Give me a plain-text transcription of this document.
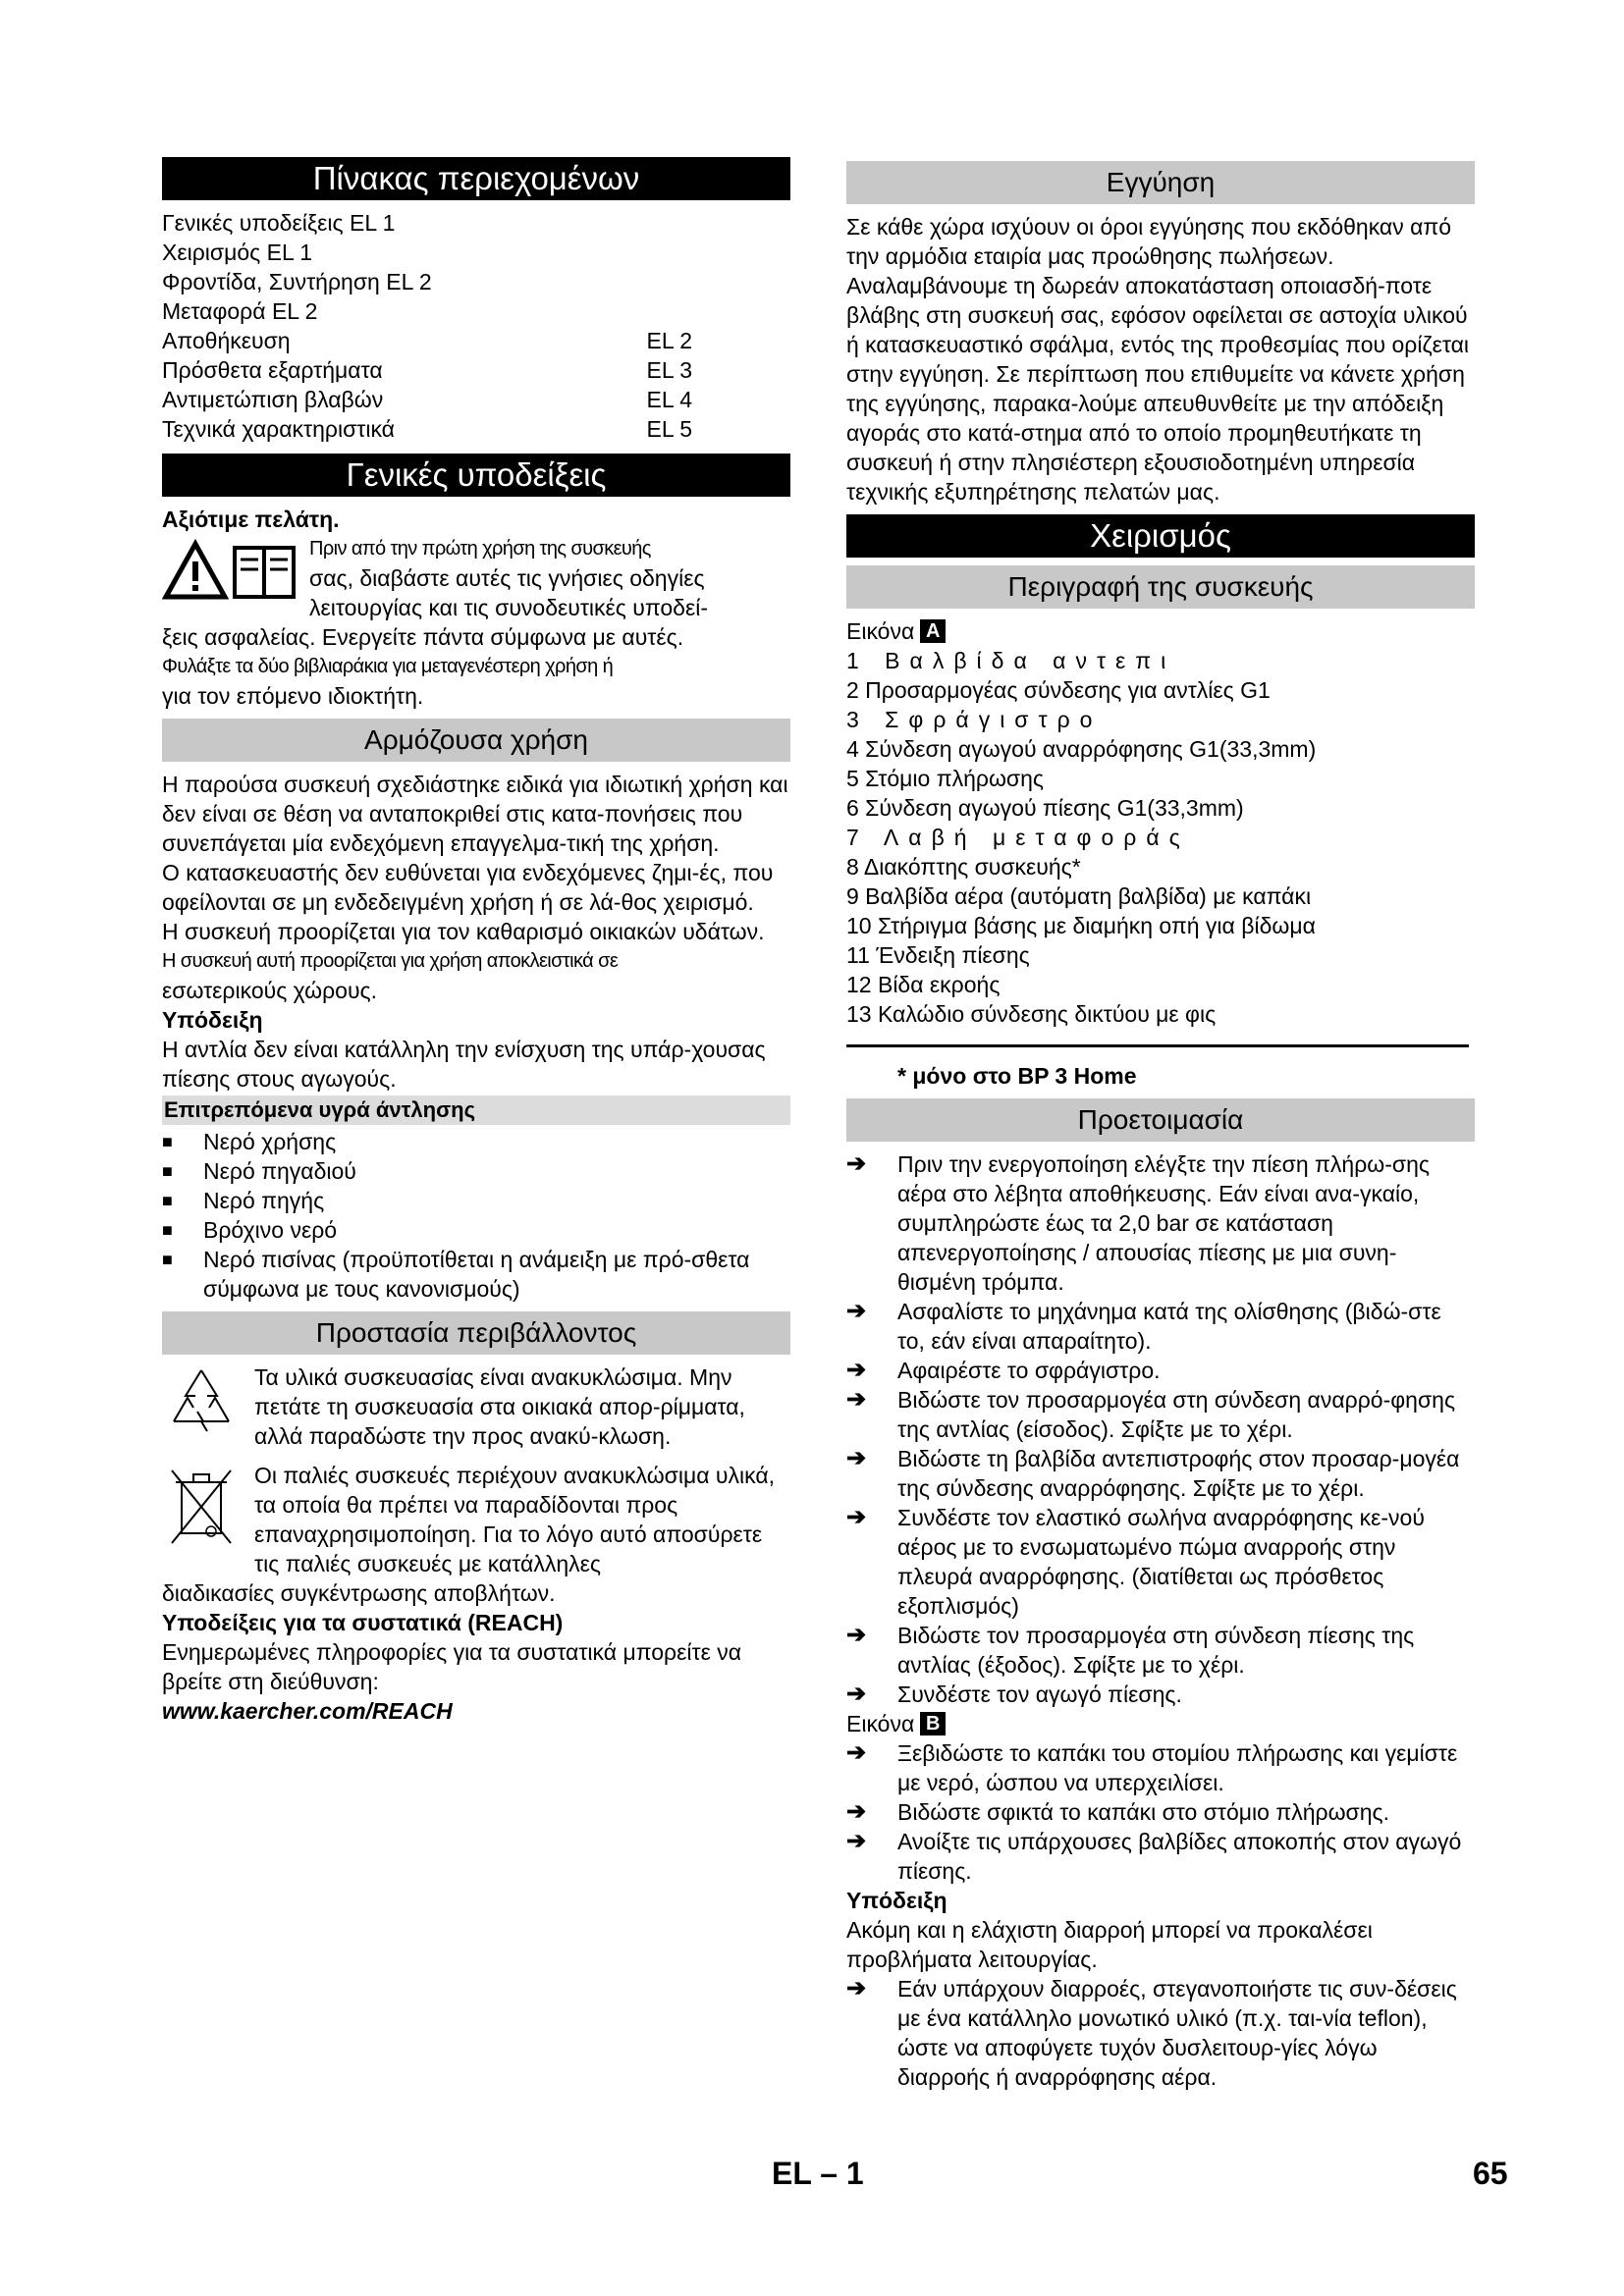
Πίνακας περιεχομένων
Γενικές υποδείξεις EL 1
Χειρισμός EL 1
Φροντίδα, Συντήρηση EL 2
Μεταφορά EL 2
Αποθήκευση	EL 2
Πρόσθετα εξαρτήματα	EL 3
Αντιμετώπιση βλαβών	EL 4
Τεχνικά χαρακτηριστικά	EL 5
Γενικές υποδείξεις
Αξιότιμε πελάτη.
Πριν από την πρώτη χρήση της συσκευής
σας, διαβάστε αυτές τις γνήσιες οδηγίες
λειτουργίας και τις συνοδευτικές υποδεί-
ξεις ασφαλείας. Ενεργείτε πάντα σύμφωνα με αυτές.
Φυλάξτε τα δύο βιβλιαράκια για μεταγενέστερη χρήση ή
για τον επόμενο ιδιοκτήτη.
Αρμόζουσα χρήση

Η παρούσα συσκευή σχεδιάστηκε ειδικά για ιδιωτική χρήση και δεν είναι σε θέση να ανταποκριθεί στις κατα-πονήσεις που συνεπάγεται μία ενδεχόμενη επαγγελμα-τική της χρήση.

Ο κατασκευαστής δεν ευθύνεται για ενδεχόμενες ζημι-ές, που οφείλονται σε μη ενδεδειγμένη χρήση ή σε λά-θος χειρισμό.

Η συσκευή προορίζεται για τον καθαρισμό οικιακών υδάτων.

Η συσκευή αυτή προορίζεται για χρήση αποκλειστικά σε
εσωτερικούς χώρους.
Υπόδειξη

Η αντλία δεν είναι κατάλληλη την ενίσχυση της υπάρ-χουσας πίεσης στους αγωγούς.

Επιτρεπόμενα υγρά άντλησης
■	Νερό χρήσης
■	Νερό πηγαδιού
■	Νερό πηγής
■	Βρόχινο νερό
■	Νερό πισίνας (προϋποτίθεται η ανάμειξη με πρό-σθετα σύμφωνα με τους κανονισμούς)
Προστασία περιβάλλοντος
Τα υλικά συσκευασίας είναι ανακυκλώσιμα. Μην πετάτε τη συσκευασία στα οικιακά απορ-ρίμματα, αλλά παραδώστε την προς ανακύ-κλωση.
Οι παλιές συσκευές περιέχουν ανακυκλώσιμα υλικά, τα οποία θα πρέπει να παραδίδονται προς επαναχρησιμοποίηση. Για το λόγο αυτό αποσύρετε τις παλιές συσκευές με κατάλληλες
διαδικασίες συγκέντρωσης αποβλήτων.
Υποδείξεις για τα συστατικά (REACH)

Ενημερωμένες πληροφορίες για τα συστατικά μπορείτε να βρείτε στη διεύθυνση:

www.kaercher.com/REACH
Εγγύηση

Σε κάθε χώρα ισχύουν οι όροι εγγύησης που εκδόθηκαν από την αρμόδια εταιρία μας προώθησης πωλήσεων. Αναλαμβάνουμε τη δωρεάν αποκατάσταση οποιασδή-ποτε βλάβης στη συσκευή σας, εφόσον οφείλεται σε αστοχία υλικού ή κατασκευαστικό σφάλμα, εντός της προθεσμίας που ορίζεται στην εγγύηση. Σε περίπτωση που επιθυμείτε να κάνετε χρήση της εγγύησης, παρακα-λούμε απευθυνθείτε με την απόδειξη αγοράς στο κατά-στημα από το οποίο προμηθευτήκατε τη συσκευή ή στην πλησιέστερη εξουσιοδοτημένη υπηρεσία τεχνικής εξυπηρέτησης πελατών μας.

Χειρισμός
Περιγραφή της συσκευής
Εικόνα A
1 Βαλβίδα αντεπι
2 Προσαρμογέας σύνδεσης για αντλίες G1
3 Σφράγιστρο
4 Σύνδεση αγωγού αναρρόφησης G1(33,3mm)
5 Στόμιο πλήρωσης
6 Σύνδεση αγωγού πίεσης G1(33,3mm)
7 Λαβή μεταφοράς
8 Διακόπτης συσκευής*
9 Βαλβίδα αέρα (αυτόματη βαλβίδα) με καπάκι
10 Στήριγμα βάσης με διαμήκη οπή για βίδωμα
11 Ένδειξη πίεσης
12 Βίδα εκροής
13 Καλώδιο σύνδεσης δικτύου με φις
* μόνο στο BP 3 Home
Προετοιμασία
➔	Πριν την ενεργοποίηση ελέγξτε την πίεση πλήρω-σης αέρα στο λέβητα αποθήκευσης. Εάν είναι ανα-γκαίο, συμπληρώστε έως τα 2,0 bar σε κατάσταση απενεργοποίησης / απουσίας πίεσης με μια συνη-θισμένη τρόμπα.
➔	Ασφαλίστε το μηχάνημα κατά της ολίσθησης (βιδώ-στε το, εάν είναι απαραίτητο).
➔	Αφαιρέστε το σφράγιστρο.
➔	Βιδώστε τον προσαρμογέα στη σύνδεση αναρρό-φησης της αντλίας (είσοδος). Σφίξτε με το χέρι.
➔	Βιδώστε τη βαλβίδα αντεπιστροφής στον προσαρ-μογέα της σύνδεσης αναρρόφησης. Σφίξτε με το χέρι.
➔	Συνδέστε τον ελαστικό σωλήνα αναρρόφησης κε-νού αέρος με το ενσωματωμένο πώμα αναρροής στην πλευρά αναρρόφησης. (διατίθεται ως πρόσθετος εξοπλισμός)
➔	Βιδώστε τον προσαρμογέα στη σύνδεση πίεσης της αντλίας (έξοδος). Σφίξτε με το χέρι.
➔	Συνδέστε τον αγωγό πίεσης.
Εικόνα B
➔	Ξεβιδώστε το καπάκι του στομίου πλήρωσης και γεμίστε με νερό, ώσπου να υπερχειλίσει.
➔	Βιδώστε σφικτά το καπάκι στο στόμιο πλήρωσης.
➔	Ανοίξτε τις υπάρχουσες βαλβίδες αποκοπής στον αγωγό πίεσης.
Υπόδειξη

Ακόμη και η ελάχιστη διαρροή μπορεί να προκαλέσει προβλήματα λειτουργίας.

➔	Εάν υπάρχουν διαρροές, στεγανοποιήστε τις συν-δέσεις με ένα κατάλληλο μονωτικό υλικό (π.χ. ται-νία teflon), ώστε να αποφύγετε τυχόν δυσλειτουρ-γίες λόγω διαρροής ή αναρρόφησης αέρα.
EL – 1	65
